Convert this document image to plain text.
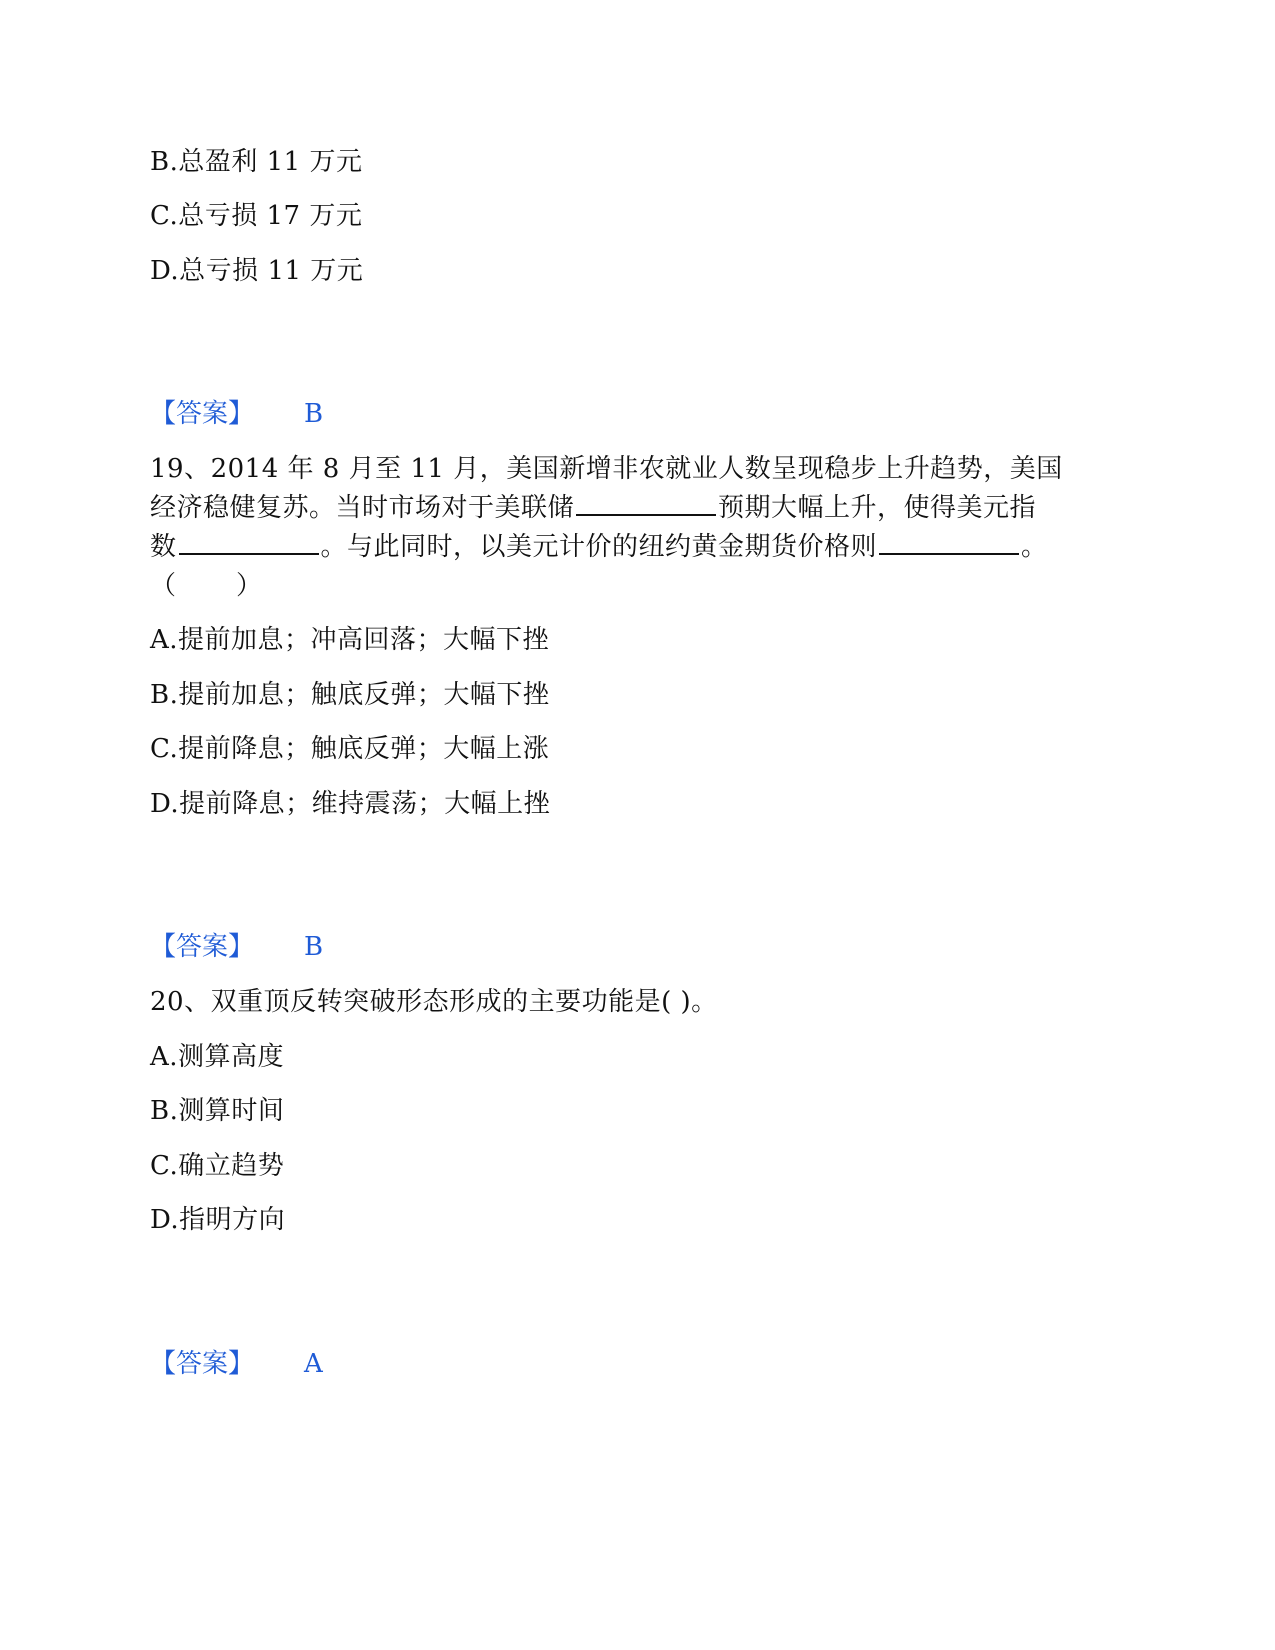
B.总盈利 11 万元
C.总亏损 17 万元
D.总亏损 11 万元
【答案】 B
19、2014 年 8 月至 11 月，美国新增非农就业人数呈现稳步上升趋势，美国
经济稳健复苏。当时市场对于美联储	预期大幅上升，使得美元指
数	。与此同时，以美元计价的纽约黄金期货价格则	。
（ ）
A.提前加息；冲高回落；大幅下挫
B.提前加息；触底反弹；大幅下挫
C.提前降息；触底反弹；大幅上涨
D.提前降息；维持震荡；大幅上挫
【答案】 B
20、双重顶反转突破形态形成的主要功能是( )。
A.测算高度
B.测算时间
C.确立趋势
D.指明方向
【答案】 A
